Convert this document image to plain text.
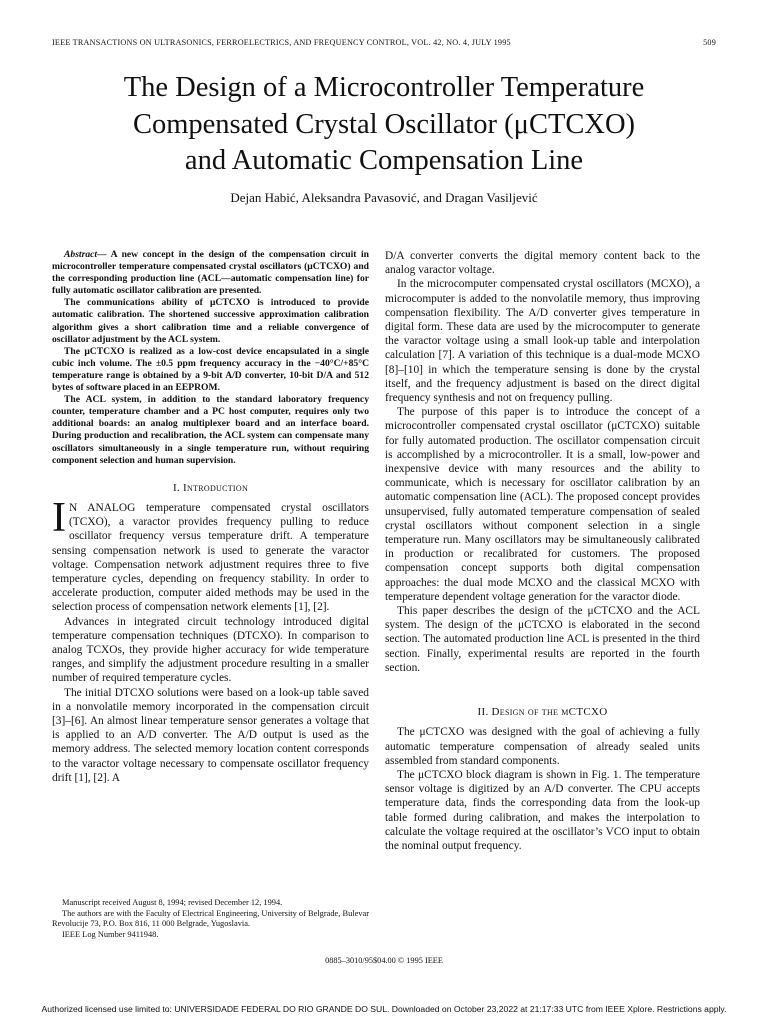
IEEE TRANSACTIONS ON ULTRASONICS, FERROELECTRICS, AND FREQUENCY CONTROL, VOL. 42, NO. 4, JULY 1995	509
The Design of a Microcontroller Temperature
Compensated Crystal Oscillator (μCTCXO)
and Automatic Compensation Line
Dejan Habić, Aleksandra Pavasović, and Dragan Vasiljević

Abstract— A new concept in the design of the compensation circuit in microcontroller temperature compensated crystal oscillators (μCTCXO) and the corresponding production line (ACL—automatic compensation line) for fully automatic oscillator calibration are presented.

The communications ability of μCTCXO is introduced to provide automatic calibration. The shortened successive approximation calibration algorithm gives a short calibration time and a reliable convergence of oscillator adjustment by the ACL system.

The μCTCXO is realized as a low-cost device encapsulated in a single cubic inch volume. The ±0.5 ppm frequency accuracy in the −40°C/+85°C temperature range is obtained by a 9-bit A/D converter, 10-bit D/A and 512 bytes of software placed in an EEPROM.

The ACL system, in addition to the standard laboratory frequency counter, temperature chamber and a PC host computer, requires only two additional boards: an analog multiplexer board and an interface board. During production and recalibration, the ACL system can compensate many oscillators simultaneously in a single temperature run, without requiring component selection and human supervision.

I. Introduction

I N ANALOG temperature compensated crystal oscillators (TCXO), a varactor provides frequency pulling to reduce oscillator frequency versus temperature drift. A temperature sensing compensation network is used to generate the varactor voltage. Compensation network adjustment requires three to five temperature cycles, depending on frequency stability. In order to accelerate production, computer aided methods may be used in the selection process of compensation network elements [1], [2].

Advances in integrated circuit technology introduced digital temperature compensation techniques (DTCXO). In comparison to analog TCXOs, they provide higher accuracy for wide temperature ranges, and simplify the adjustment procedure resulting in a smaller number of required temperature cycles.

The initial DTCXO solutions were based on a look-up table saved in a nonvolatile memory incorporated in the compensation circuit [3]–[6]. An almost linear temperature sensor generates a voltage that is applied to an A/D converter. The A/D output is used as the memory address. The selected memory location content corresponds to the varactor voltage necessary to compensate oscillator frequency drift [1], [2]. A

Manuscript received August 8, 1994; revised December 12, 1994.

The authors are with the Faculty of Electrical Engineering, University of Belgrade, Bulevar Revolucije 73, P.O. Box 816, 11 000 Belgrade, Yugoslavia.

IEEE Log Number 9411948.

D/A converter converts the digital memory content back to the analog varactor voltage.

In the microcomputer compensated crystal oscillators (MCXO), a microcomputer is added to the nonvolatile memory, thus improving compensation flexibility. The A/D converter gives temperature in digital form. These data are used by the microcomputer to generate the varactor voltage using a small look-up table and interpolation calculation [7]. A variation of this technique is a dual-mode MCXO [8]–[10] in which the temperature sensing is done by the crystal itself, and the frequency adjustment is based on the direct digital frequency synthesis and not on frequency pulling.

The purpose of this paper is to introduce the concept of a microcontroller compensated crystal oscillator (μCTCXO) suitable for fully automated production. The oscillator compensation circuit is accomplished by a microcontroller. It is a small, low-power and inexpensive device with many resources and the ability to communicate, which is necessary for oscillator calibration by an automatic compensation line (ACL). The proposed concept provides unsupervised, fully automated temperature compensation of sealed crystal oscillators without component selection in a single temperature run. Many oscillators may be simultaneously calibrated in production or recalibrated for customers. The proposed compensation concept supports both digital compensation approaches: the dual mode MCXO and the classical MCXO with temperature dependent voltage generation for the varactor diode.

This paper describes the design of the μCTCXO and the ACL system. The design of the μCTCXO is elaborated in the second section. The automated production line ACL is presented in the third section. Finally, experimental results are reported in the fourth section.

II. Design of the μCTCXO

The μCTCXO was designed with the goal of achieving a fully automatic temperature compensation of already sealed units assembled from standard components.

The μCTCXO block diagram is shown in Fig. 1. The temperature sensor voltage is digitized by an A/D converter. The CPU accepts temperature data, finds the corresponding data from the look-up table formed during calibration, and makes the interpolation to calculate the voltage required at the oscillator’s VCO input to obtain the nominal output frequency.

0885–3010/95$04.00 © 1995 IEEE
Authorized licensed use limited to: UNIVERSIDADE FEDERAL DO RIO GRANDE DO SUL. Downloaded on October 23,2022 at 21:17:33 UTC from IEEE Xplore. Restrictions apply.
